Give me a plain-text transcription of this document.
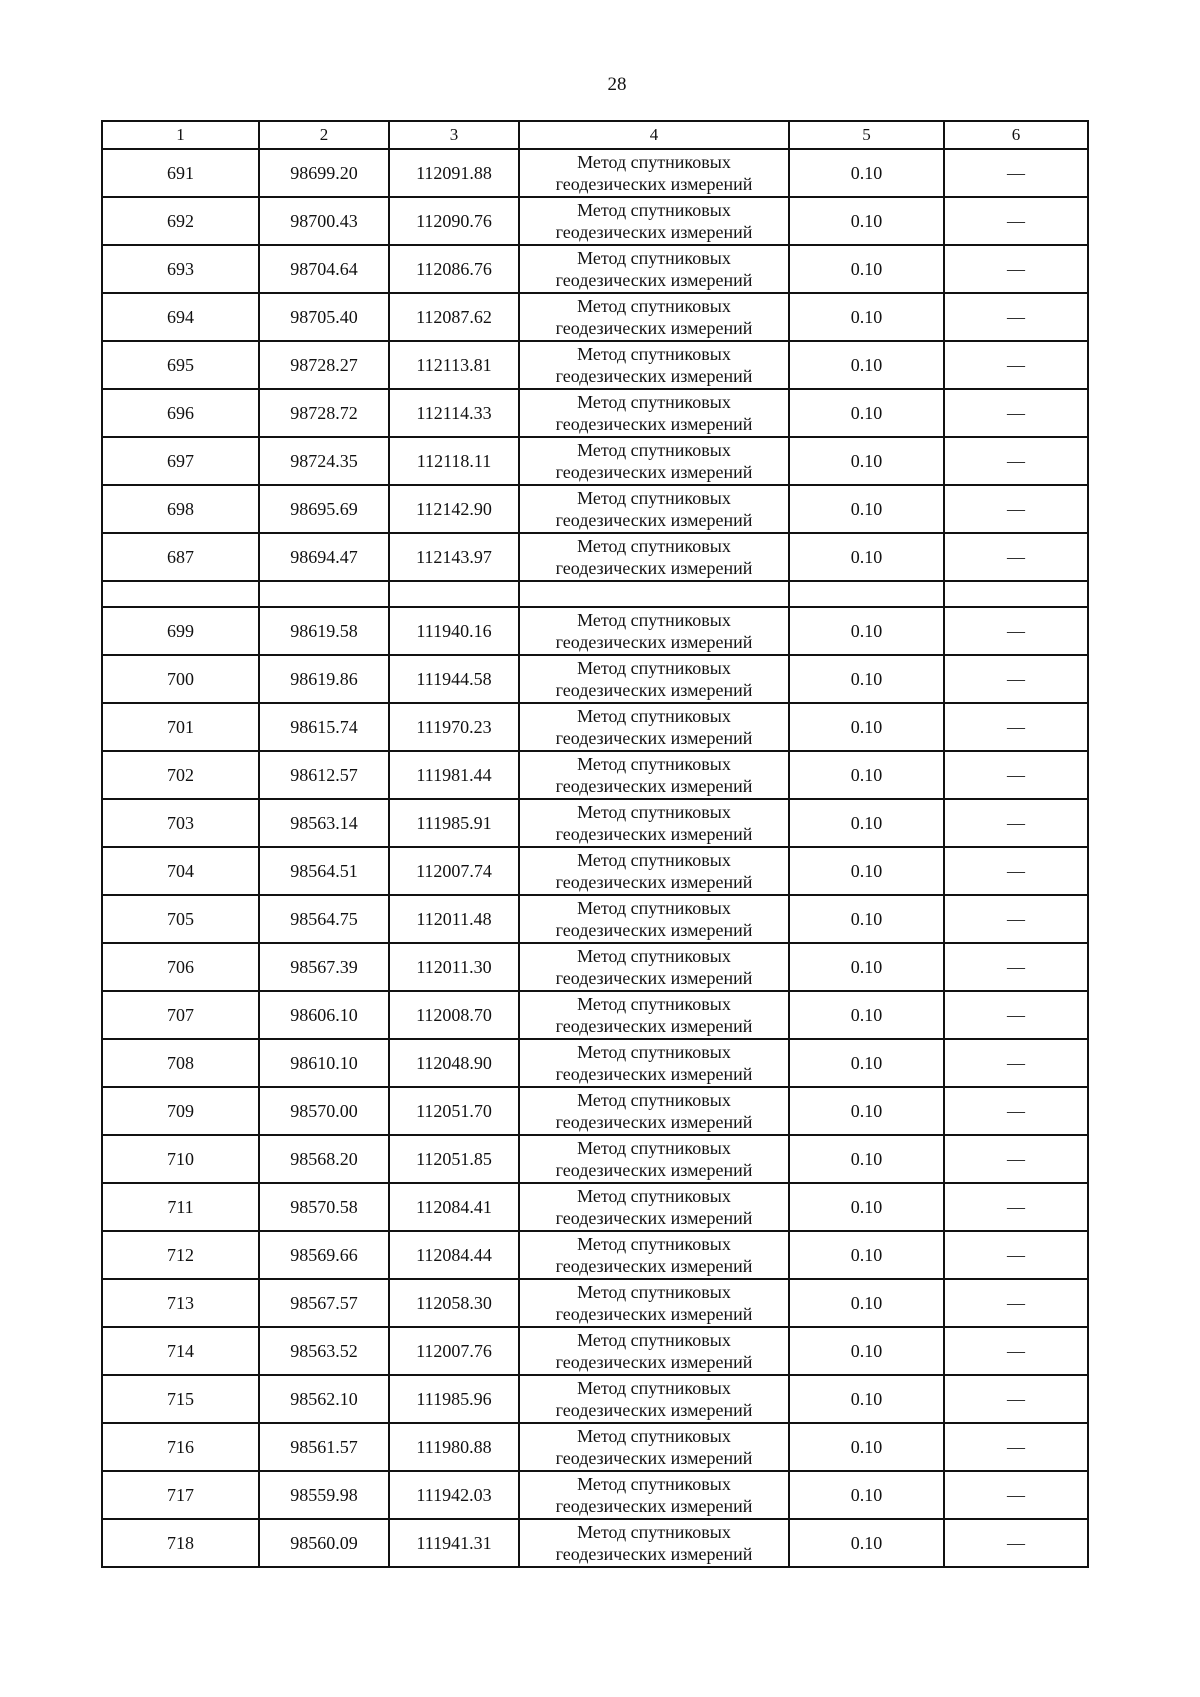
28
1	2	3	4	5	6
691	98699.20	112091.88	Метод спутниковых
геодезических измерений	0.10	—
692	98700.43	112090.76	Метод спутниковых
геодезических измерений	0.10	—
693	98704.64	112086.76	Метод спутниковых
геодезических измерений	0.10	—
694	98705.40	112087.62	Метод спутниковых
геодезических измерений	0.10	—
695	98728.27	112113.81	Метод спутниковых
геодезических измерений	0.10	—
696	98728.72	112114.33	Метод спутниковых
геодезических измерений	0.10	—
697	98724.35	112118.11	Метод спутниковых
геодезических измерений	0.10	—
698	98695.69	112142.90	Метод спутниковых
геодезических измерений	0.10	—
687	98694.47	112143.97	Метод спутниковых
геодезических измерений	0.10	—

699	98619.58	111940.16	Метод спутниковых
геодезических измерений	0.10	—
700	98619.86	111944.58	Метод спутниковых
геодезических измерений	0.10	—
701	98615.74	111970.23	Метод спутниковых
геодезических измерений	0.10	—
702	98612.57	111981.44	Метод спутниковых
геодезических измерений	0.10	—
703	98563.14	111985.91	Метод спутниковых
геодезических измерений	0.10	—
704	98564.51	112007.74	Метод спутниковых
геодезических измерений	0.10	—
705	98564.75	112011.48	Метод спутниковых
геодезических измерений	0.10	—
706	98567.39	112011.30	Метод спутниковых
геодезических измерений	0.10	—
707	98606.10	112008.70	Метод спутниковых
геодезических измерений	0.10	—
708	98610.10	112048.90	Метод спутниковых
геодезических измерений	0.10	—
709	98570.00	112051.70	Метод спутниковых
геодезических измерений	0.10	—
710	98568.20	112051.85	Метод спутниковых
геодезических измерений	0.10	—
711	98570.58	112084.41	Метод спутниковых
геодезических измерений	0.10	—
712	98569.66	112084.44	Метод спутниковых
геодезических измерений	0.10	—
713	98567.57	112058.30	Метод спутниковых
геодезических измерений	0.10	—
714	98563.52	112007.76	Метод спутниковых
геодезических измерений	0.10	—
715	98562.10	111985.96	Метод спутниковых
геодезических измерений	0.10	—
716	98561.57	111980.88	Метод спутниковых
геодезических измерений	0.10	—
717	98559.98	111942.03	Метод спутниковых
геодезических измерений	0.10	—
718	98560.09	111941.31	Метод спутниковых
геодезических измерений	0.10	—
